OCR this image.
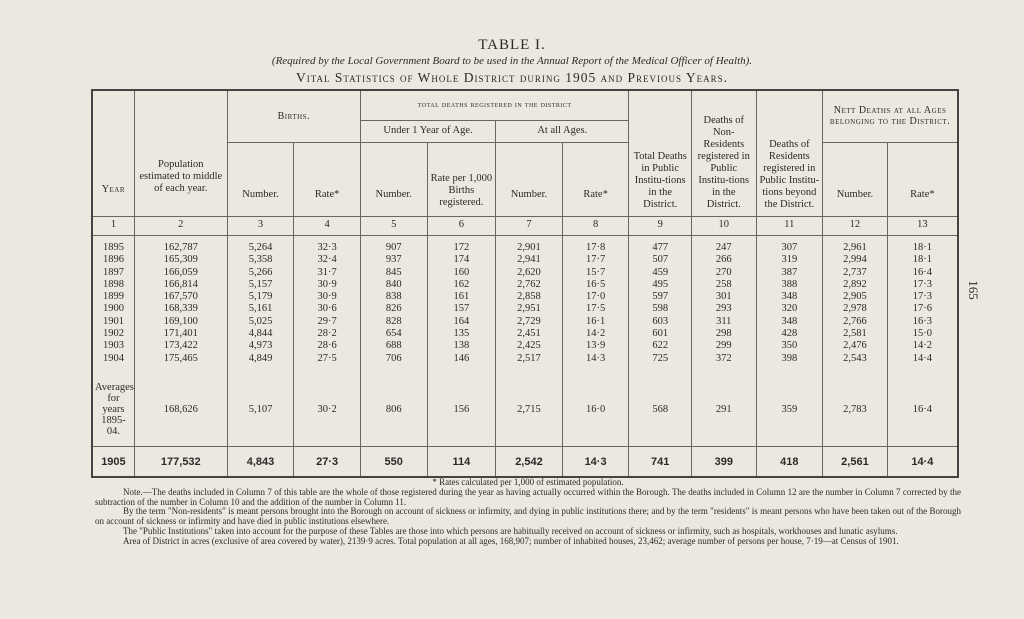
TABLE I.
(Required by the Local Government Board to be used in the Annual Report of the Medical Officer of Health).
Vital Statistics of Whole District during 1905 and Previous Years.
165
Year	Population estimated to middle of each year.	Births.		total deaths registered in the district				Total Deaths in Public Institu-tions in the District.	Deaths of Non-Residents registered in Public Institu-tions in the District.	Deaths of Residents registered in Public Institu-tions beyond the District.	Nett Deaths at all Ages belonging to the District.	
				Under 1 Year of Age.		At all Ages.						
		Number.	Rate*	Number.	Rate per 1,000 Births registered.	Number.	Rate*				Number.	Rate*
1	2	3	4	5	6	7	8	9	10	11	12	13
1895	162,787	5,264	32·3	907	172	2,901	17·8	477	247	307	2,961	18·1
1896	165,309	5,358	32·4	937	174	2,941	17·7	507	266	319	2,994	18·1
1897	166,059	5,266	31·7	845	160	2,620	15·7	459	270	387	2,737	16·4
1898	166,814	5,157	30·9	840	162	2,762	16·5	495	258	388	2,892	17·3
1899	167,570	5,179	30·9	838	161	2,858	17·0	597	301	348	2,905	17·3
1900	168,339	5,161	30·6	826	157	2,951	17·5	598	293	320	2,978	17·6
1901	169,100	5,025	29·7	828	164	2,729	16·1	603	311	348	2,766	16·3
1902	171,401	4,844	28·2	654	135	2,451	14·2	601	298	428	2,581	15·0
1903	173,422	4,973	28·6	688	138	2,425	13·9	622	299	350	2,476	14·2
1904	175,465	4,849	27·5	706	146	2,517	14·3	725	372	398	2,543	14·4
Averages for years 1895-04.	168,626	5,107	30·2	806	156	2,715	16·0	568	291	359	2,783	16·4
1905	177,532	4,843	27·3	550	114	2,542	14·3	741	399	418	2,561	14·4

* Rates calculated per 1,000 of estimated population.

Note.—The deaths included in Column 7 of this table are the whole of those registered during the year as having actually occurred within the Borough. The deaths included in Column 12 are the number in Column 7 corrected by the subtraction of the number in Column 10 and the addition of the number in Column 11.

By the term "Non-residents" is meant persons brought into the Borough on account of sickness or infirmity, and dying in public institutions there; and by the term "residents" is meant persons who have been taken out of the Borough on account of sickness or infirmity and have died in public institutions elsewhere.

The "Public Institutions" taken into account for the purpose of these Tables are those into which persons are habitually received on account of sickness or infirmity, such as hospitals, workhouses and lunatic asylums.

Area of District in acres (exclusive of area covered by water), 2139·9 acres. Total population at all ages, 168,907; number of inhabited houses, 23,462; average number of persons per house, 7·19—at Census of 1901.
